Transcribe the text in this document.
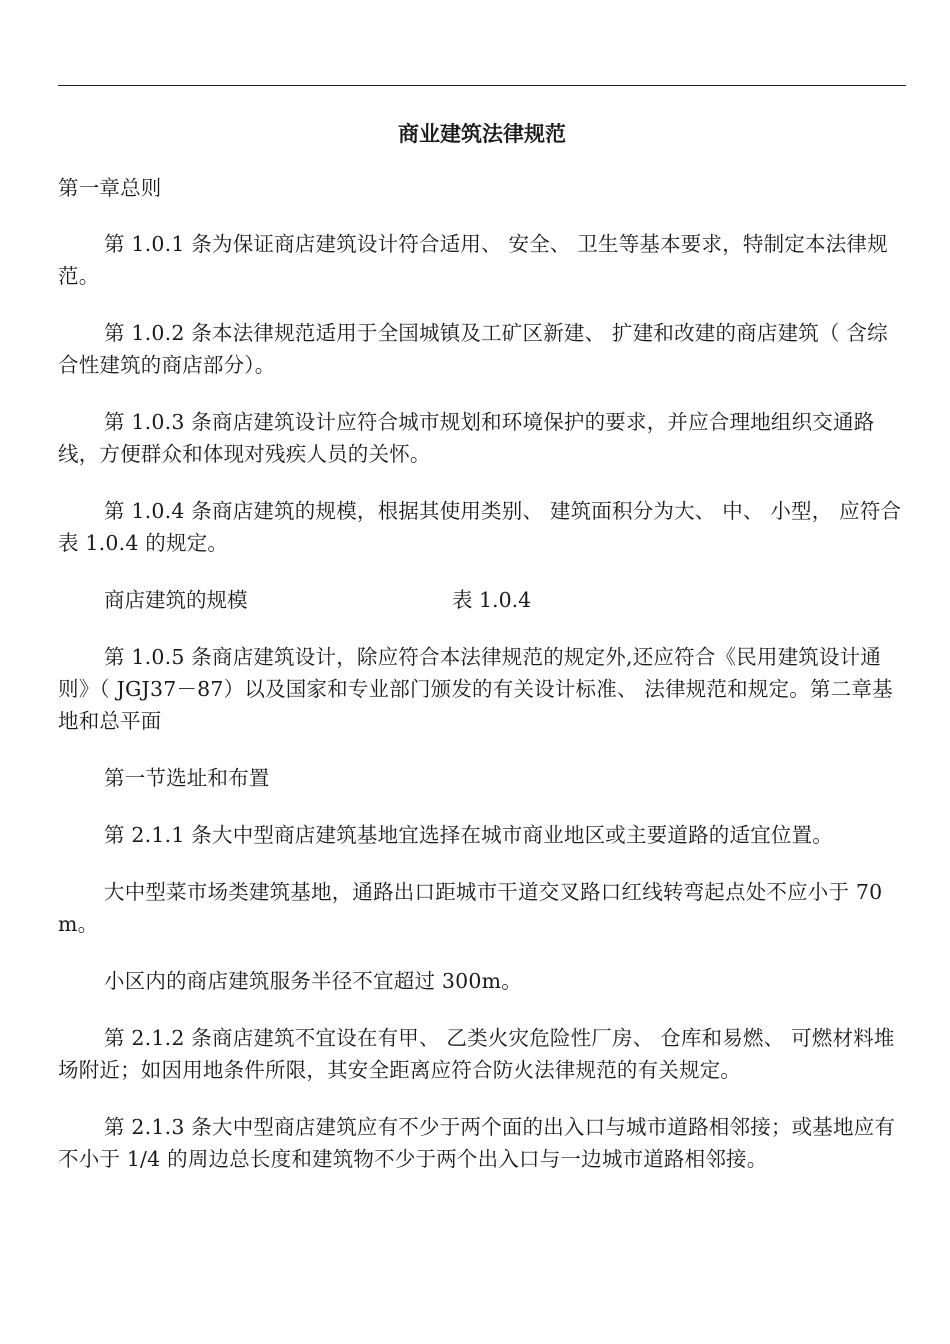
商业建筑法律规范
第一章总则
第 1.0.1 条为保证商店建筑设计符合适用、 安全、 卫生等基本要求，特制定本法律规范。
第 1.0.2 条本法律规范适用于全国城镇及工矿区新建、 扩建和改建的商店建筑（ 含综合性建筑的商店部分）。
第 1.0.3 条商店建筑设计应符合城市规划和环境保护的要求，并应合理地组织交通路线，方便群众和体现对残疾人员的关怀。
第 1.0.4 条商店建筑的规模，根据其使用类别、 建筑面积分为大、 中、 小型， 应符合表 1.0.4 的规定。
商店建筑的规模	表 1.0.4
第 1.0.5 条商店建筑设计，除应符合本法律规范的规定外,还应符合《民用建筑设计通则》（ JGJ37－87）以及国家和专业部门颁发的有关设计标准、 法律规范和规定。第二章基地和总平面
第一节选址和布置
第 2.1.1 条大中型商店建筑基地宜选择在城市商业地区或主要道路的适宜位置。
大中型菜市场类建筑基地，通路出口距城市干道交叉路口红线转弯起点处不应小于 70m。
小区内的商店建筑服务半径不宜超过 300m。
第 2.1.2 条商店建筑不宜设在有甲、 乙类火灾危险性厂房、 仓库和易燃、 可燃材料堆场附近；如因用地条件所限，其安全距离应符合防火法律规范的有关规定。
第 2.1.3 条大中型商店建筑应有不少于两个面的出入口与城市道路相邻接；或基地应有不小于 1/4 的周边总长度和建筑物不少于两个出入口与一边城市道路相邻接。
